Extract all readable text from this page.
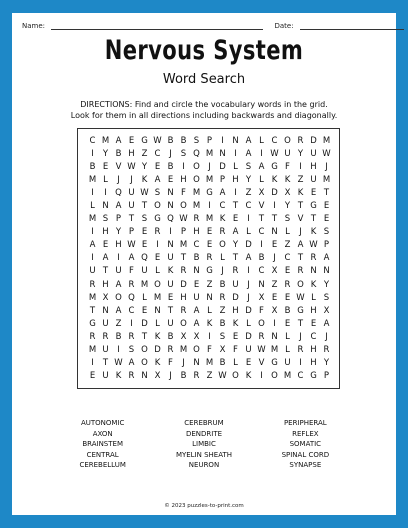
Name:	Date:
Nervous System
Word Search
DIRECTIONS: Find and circle the vocabulary words in the grid.
Look for them in all directions including backwards and diagonally.
C M A E G W B B S P	I	N A L C O R D M
I	Y B H Z C	J	S Q M N	I	A	I W U Y U W
B E V W Y E B	I O J D L S A G F	I	H	J
M L	J	J	K A E H O M P H Y L K K Z U M
I	I Q U W S N F M G A	I	Z X D X K E T
L N A U T O N O M I	C T C V	I	Y T G E
M S P T S G Q W R M K E	I	T T S V T E
I	H Y P E R	I	P H E R A L C N L	J	K S
A E H W E	I	N M C E O Y D I	E Z A W P
I	A	I	A Q E U T B R L T A B	J	C T R A
U T U F U L K R N G J	R	I	C X E R N N
R H A R M O U D E Z B U	J	N Z R O K Y
M X O Q L M E H U N R D J	X E E W L S
T N A C E N T R A L Z H D F X B G H X
G U Z	I D L U O A K B K L O I	E T E A
R R B R T K B X X	I	S E D R N L	J	C	J
M U	I	S O D R M O F X F U W M L R H R
I	T W A O K F	J	N M B L E V G U	I	H Y
E U K R N X	J	B R Z W O K	I O M C G P
AUTONOMIC
AXON
BRAINSTEM
CENTRAL
CEREBELLUM
CEREBRUM
DENDRITE
LIMBIC
MYELIN SHEATH
NEURON
PERIPHERAL
REFLEX
SOMATIC
SPINAL CORD
SYNAPSE
© 2023 puzzles-to-print.com
